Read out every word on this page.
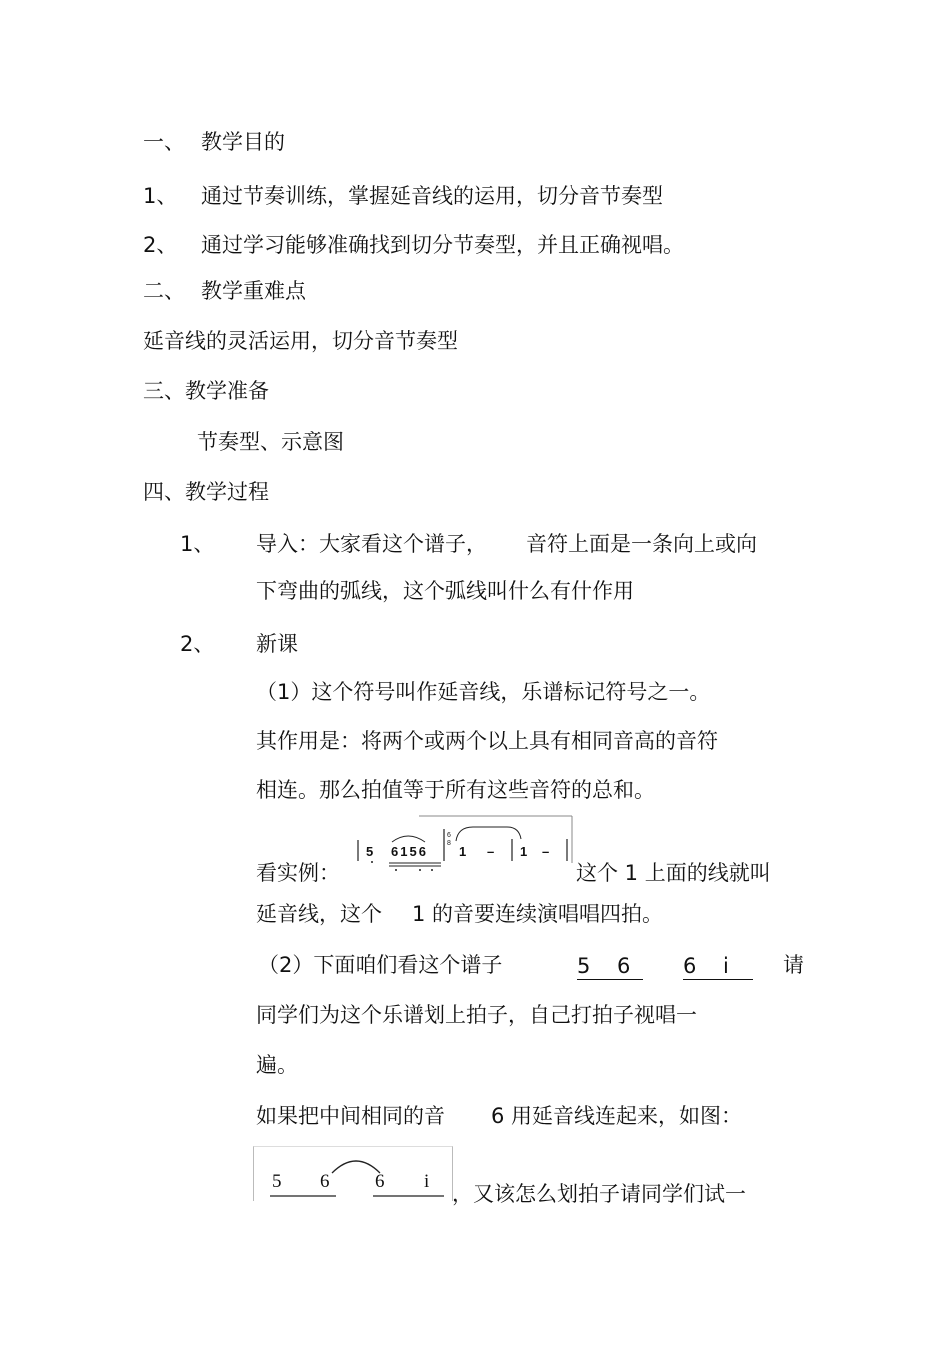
一、 教学目的
1、 通过节奏训练，掌握延音线的运用，切分音节奏型
2、 通过学习能够准确找到切分节奏型，并且正确视唱。
二、 教学重难点
延音线的灵活运用，切分音节奏型
三、教学准备
节奏型、示意图
四、教学过程
1、 导入：大家看这个谱子， 音符上面是一条向上或向
下弯曲的弧线，这个弧线叫什么有什作用
2、 新课
（1）这个符号叫作延音线，乐谱标记符号之一。
其作用是：将两个或两个以上具有相同音高的音符
相连。那么拍值等于所有这些音符的总和。
看实例：
6
8
5 6156 1 – 1 –
这个 1 上面的线就叫
延音线，这个 1 的音要连续演唱唱四拍。
（2）下面咱们看这个谱子	5    6	6    i	请
同学们为这个乐谱划上拍子，自己打拍子视唱一
遍。
如果把中间相同的音 6 用延音线连起来，如图：
5 6 6 i
，又该怎么划拍子请同学们试一
